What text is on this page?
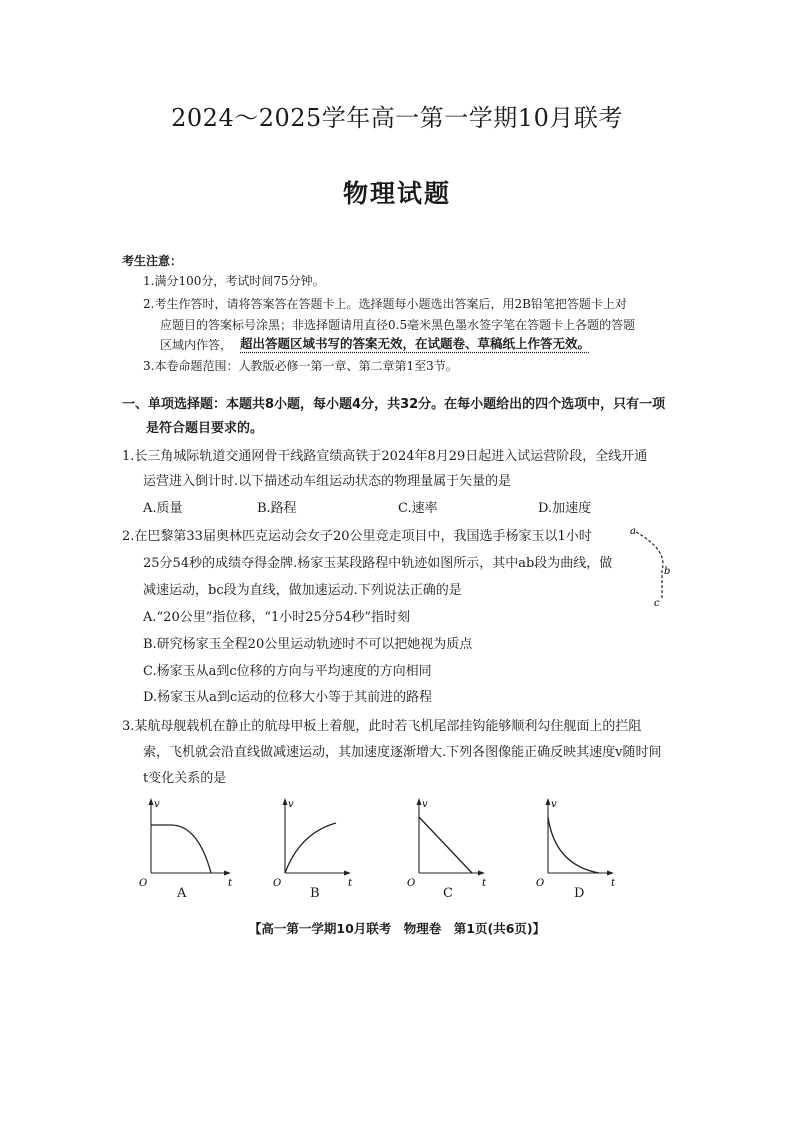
2024～2025学年高一第一学期10月联考
物理试题
考生注意：
1.满分100分，考试时间75分钟。
2.考生作答时，请将答案答在答题卡上。选择题每小题选出答案后，用2B铅笔把答题卡上对
应题目的答案标号涂黑；非选择题请用直径0.5毫米黑色墨水签字笔在答题卡上各题的答题
区域内作答， 超出答题区域书写的答案无效，在试题卷、草稿纸上作答无效。
3.本卷命题范围：人教版必修一第一章、第二章第1至3节。
一、单项选择题：本题共8小题，每小题4分，共32分。在每小题给出的四个选项中，只有一项
是符合题目要求的。
1.长三角城际轨道交通网骨干线路宣绩高铁于2024年8月29日起进入试运营阶段，全线开通
运营进入倒计时.以下描述动车组运动状态的物理量属于矢量的是
A.质量	B.路程	C.速率	D.加速度
2.在巴黎第33届奥林匹克运动会女子20公里竞走项目中，我国选手杨家玉以1小时
25分54秒的成绩夺得金牌.杨家玉某段路程中轨迹如图所示，其中ab段为曲线，做
减速运动，bc段为直线，做加速运动.下列说法正确的是
A.“20公里”指位移，“1小时25分54秒”指时刻
B.研究杨家玉全程20公里运动轨迹时不可以把她视为质点
C.杨家玉从a到c位移的方向与平均速度的方向相同
D.杨家玉从a到c运动的位移大小等于其前进的路程
a
b
c
3.某航母舰载机在静止的航母甲板上着舰，此时若飞机尾部挂钩能够顺利勾住舰面上的拦阻
索，飞机就会沿直线做减速运动，其加速度逐渐增大.下列各图像能正确反映其速度v随时间
t变化关系的是
v
t
O
A
v
t
O
B
v
t
O
C
v
t
O
D
【高一第一学期10月联考　物理卷　第1页(共6页)】
